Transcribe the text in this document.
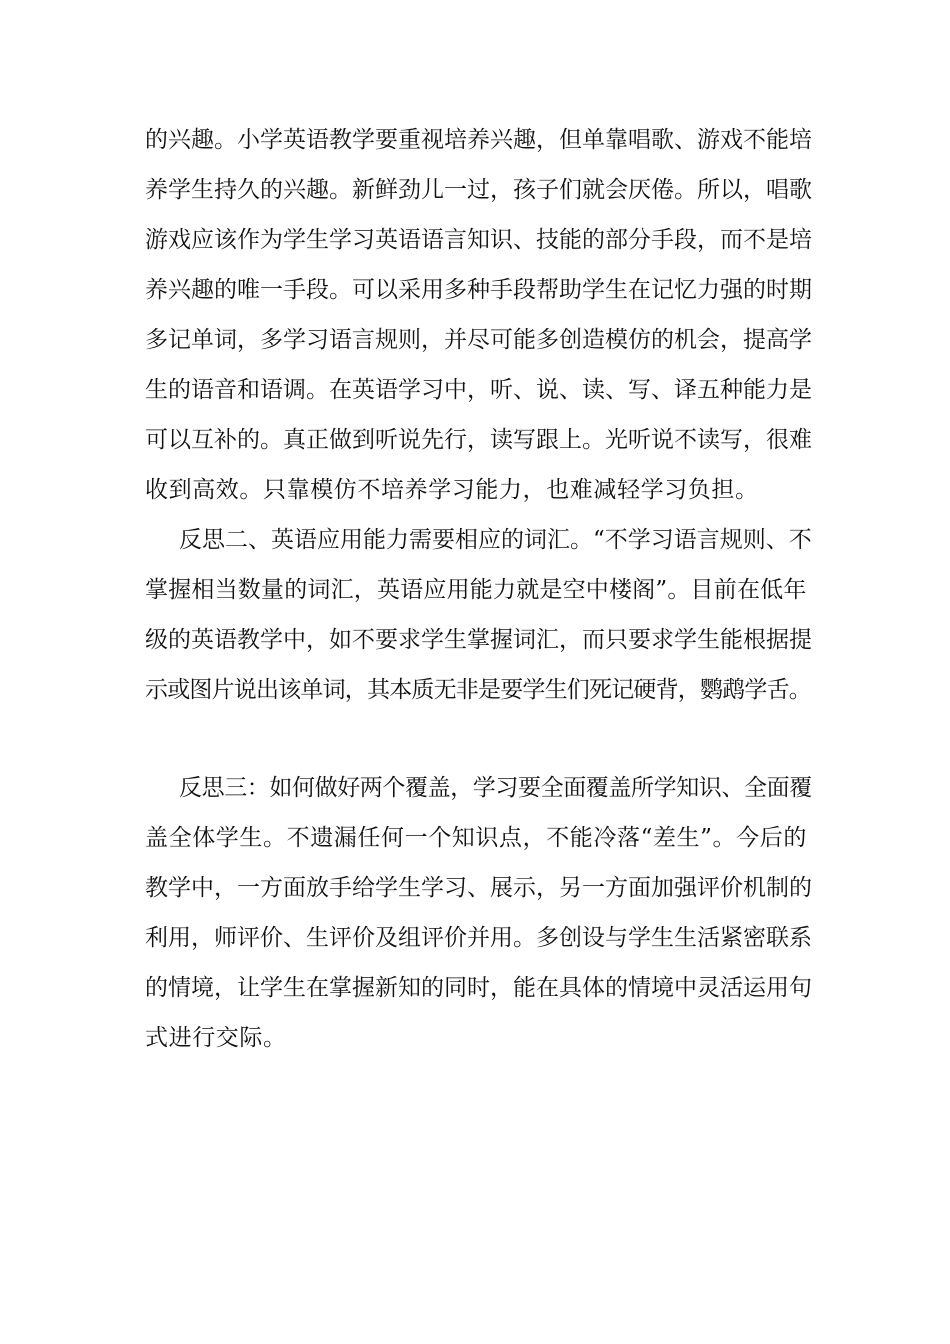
的兴趣。小学英语教学要重视培养兴趣，但单靠唱歌、游戏不能培
养学生持久的兴趣。新鲜劲儿一过，孩子们就会厌倦。所以，唱歌
游戏应该作为学生学习英语语言知识、技能的部分手段，而不是培
养兴趣的唯一手段。可以采用多种手段帮助学生在记忆力强的时期
多记单词，多学习语言规则，并尽可能多创造模仿的机会，提高学
生的语音和语调。在英语学习中，听、说、读、写、译五种能力是
可以互补的。真正做到听说先行，读写跟上。光听说不读写，很难
收到高效。只靠模仿不培养学习能力，也难减轻学习负担。
反思二、英语应用能力需要相应的词汇。“不学习语言规则、不
掌握相当数量的词汇，英语应用能力就是空中楼阁”。目前在低年
级的英语教学中，如不要求学生掌握词汇，而只要求学生能根据提
示或图片说出该单词，其本质无非是要学生们死记硬背，鹦鹉学舌。
反思三：如何做好两个覆盖，学习要全面覆盖所学知识、全面覆
盖全体学生。不遗漏任何一个知识点，不能冷落“差生”。今后的
教学中，一方面放手给学生学习、展示，另一方面加强评价机制的
利用，师评价、生评价及组评价并用。多创设与学生生活紧密联系
的情境，让学生在掌握新知的同时，能在具体的情境中灵活运用句
式进行交际。
